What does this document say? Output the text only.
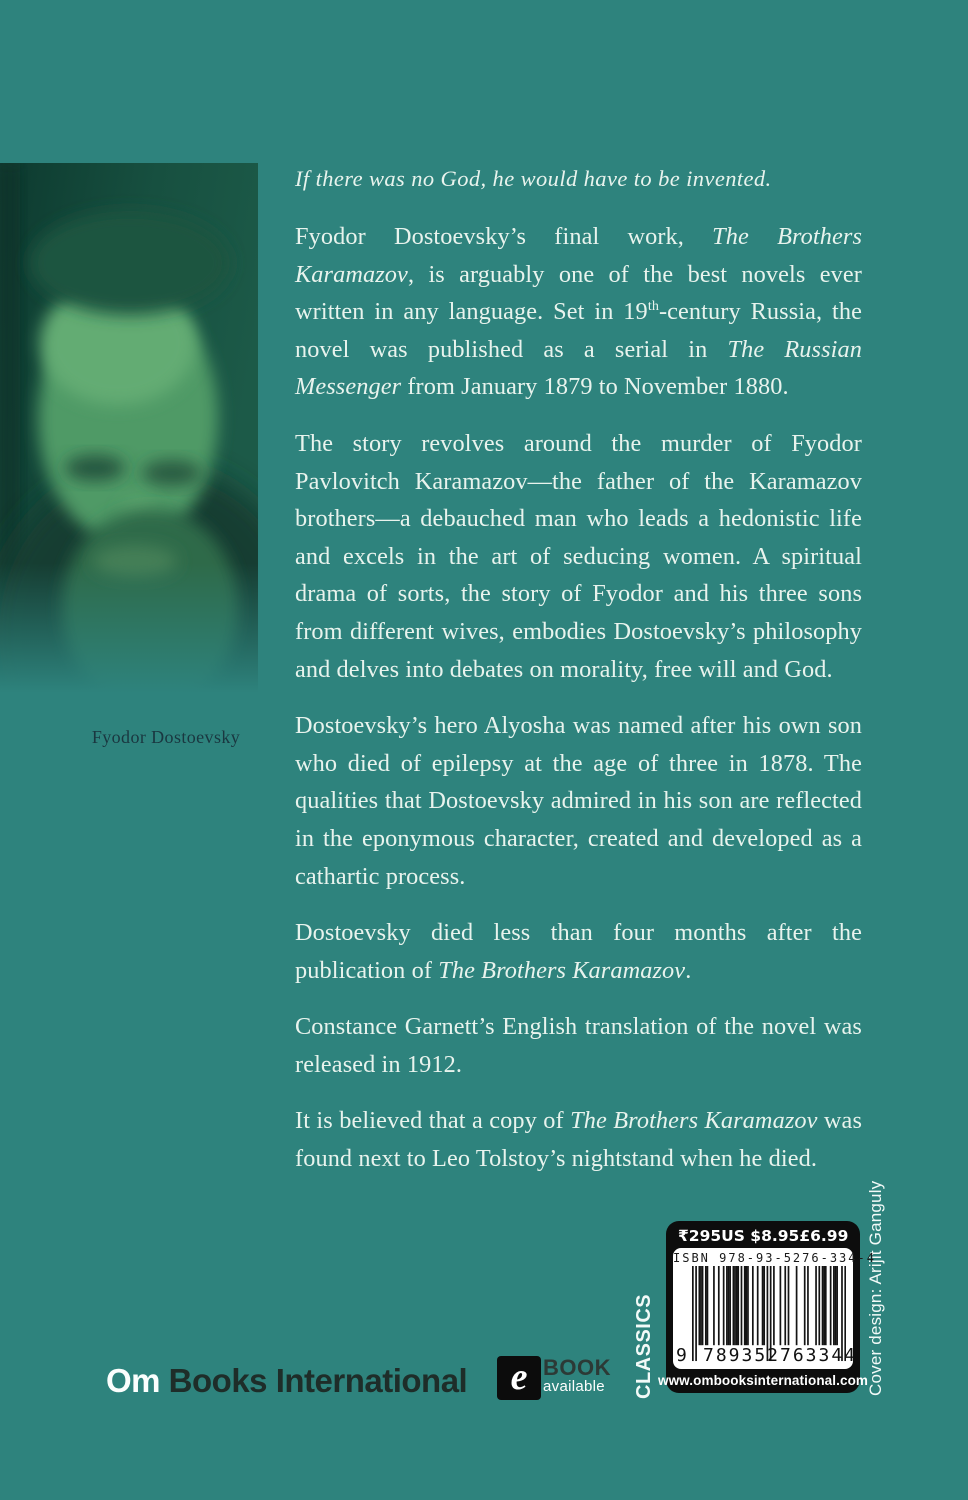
Fyodor Dostoevsky

If there was no God, he would have to be invented.

Fyodor Dostoevsky’s final work, The Brothers Karamazov, is arguably one of the best novels ever written in any language. Set in 19th-century Russia, the novel was published as a serial in The Russian Messenger from January 1879 to November 1880.

The story revolves around the murder of Fyodor Pavlovitch Karamazov—the father of the Karamazov brothers—a debauched man who leads a hedonistic life and excels in the art of seducing women. A spiritual drama of sorts, the story of Fyodor and his three sons from different wives, embodies Dostoevsky’s philosophy and delves into debates on morality, free will and God.

Dostoevsky’s hero Alyosha was named after his own son who died of epilepsy at the age of three in 1878. The qualities that Dostoevsky admired in his son are reflected in the eponymous character, created and developed as a cathartic process.

Dostoevsky died less than four months after the publication of The Brothers Karamazov.

Constance Garnett’s English translation of the novel was released in 1912.

It is believed that a copy of The Brothers Karamazov was found next to Leo Tolstoy’s nightstand when he died.

Om Books International	e BOOK
available	CLASSICS	Cover design: Arijit Ganguly
₹295 US $8.95 £6.99
ISBN 978-93-5276-334-4
9 789352 763344
www.ombooksinternational.com
